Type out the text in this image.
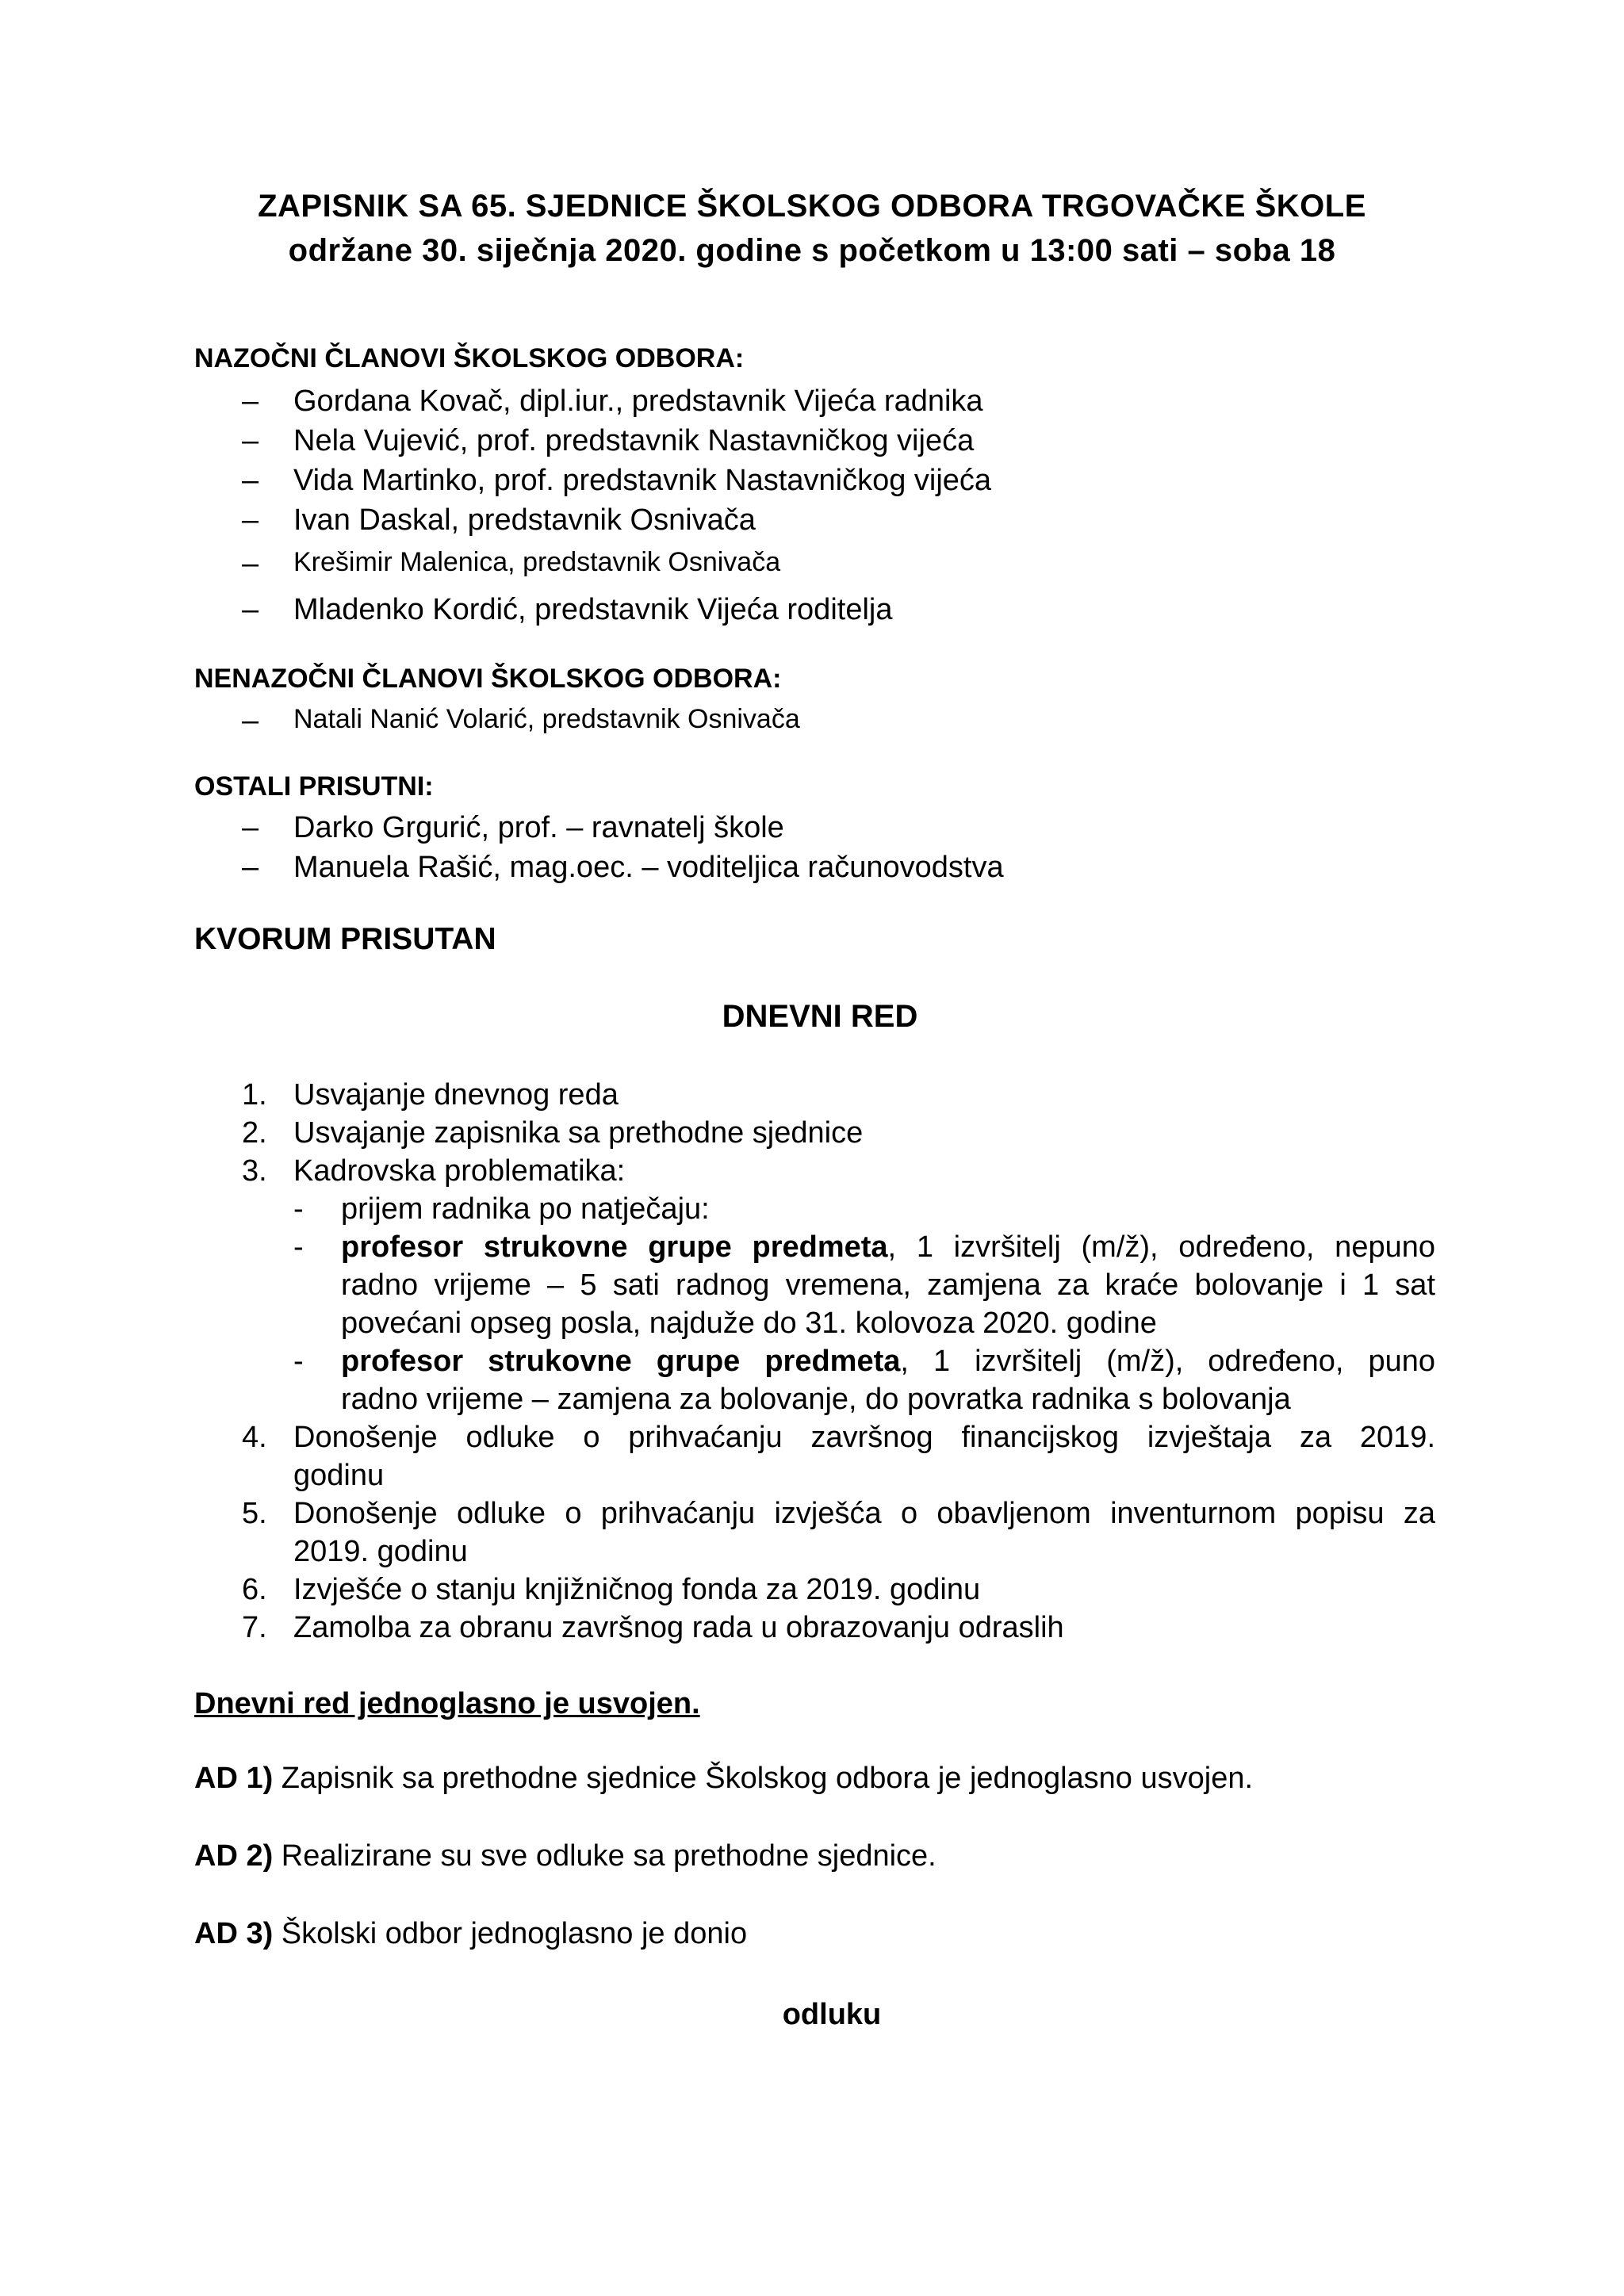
ZAPISNIK SA 65. SJEDNICE ŠKOLSKOG ODBORA TRGOVAČKE ŠKOLE
održane 30. siječnja 2020. godine s početkom u 13:00 sati – soba 18
NAZOČNI ČLANOVI ŠKOLSKOG ODBORA:
– Gordana Kovač, dipl.iur., predstavnik Vijeća radnika
– Nela Vujević, prof. predstavnik Nastavničkog vijeća
– Vida Martinko, prof. predstavnik Nastavničkog vijeća
– Ivan Daskal, predstavnik Osnivača
– Krešimir Malenica, predstavnik Osnivača
– Mladenko Kordić, predstavnik Vijeća roditelja
NENAZOČNI ČLANOVI ŠKOLSKOG ODBORA:
– Natali Nanić Volarić, predstavnik Osnivača
OSTALI PRISUTNI:
– Darko Grgurić, prof. – ravnatelj škole
– Manuela Rašić, mag.oec. – voditeljica računovodstva
KVORUM PRISUTAN
DNEVNI RED
1. Usvajanje dnevnog reda
2. Usvajanje zapisnika sa prethodne sjednice
3. Kadrovska problematika:
- prijem radnika po natječaju:
- profesor strukovne grupe predmeta, 1 izvršitelj (m/ž), određeno, nepuno
radno vrijeme – 5 sati radnog vremena, zamjena za kraće bolovanje i 1 sat
povećani opseg posla, najduže do 31. kolovoza 2020. godine
- profesor strukovne grupe predmeta, 1 izvršitelj (m/ž), određeno, puno
radno vrijeme – zamjena za bolovanje, do povratka radnika s bolovanja
4. Donošenje odluke o prihvaćanju završnog financijskog izvještaja za 2019.
godinu
5. Donošenje odluke o prihvaćanju izvješća o obavljenom inventurnom popisu za
2019. godinu
6. Izvješće o stanju knjižničnog fonda za 2019. godinu
7. Zamolba za obranu završnog rada u obrazovanju odraslih
Dnevni red jednoglasno je usvojen.
AD 1) Zapisnik sa prethodne sjednice Školskog odbora je jednoglasno usvojen.
AD 2) Realizirane su sve odluke sa prethodne sjednice.
AD 3) Školski odbor jednoglasno je donio
odluku
